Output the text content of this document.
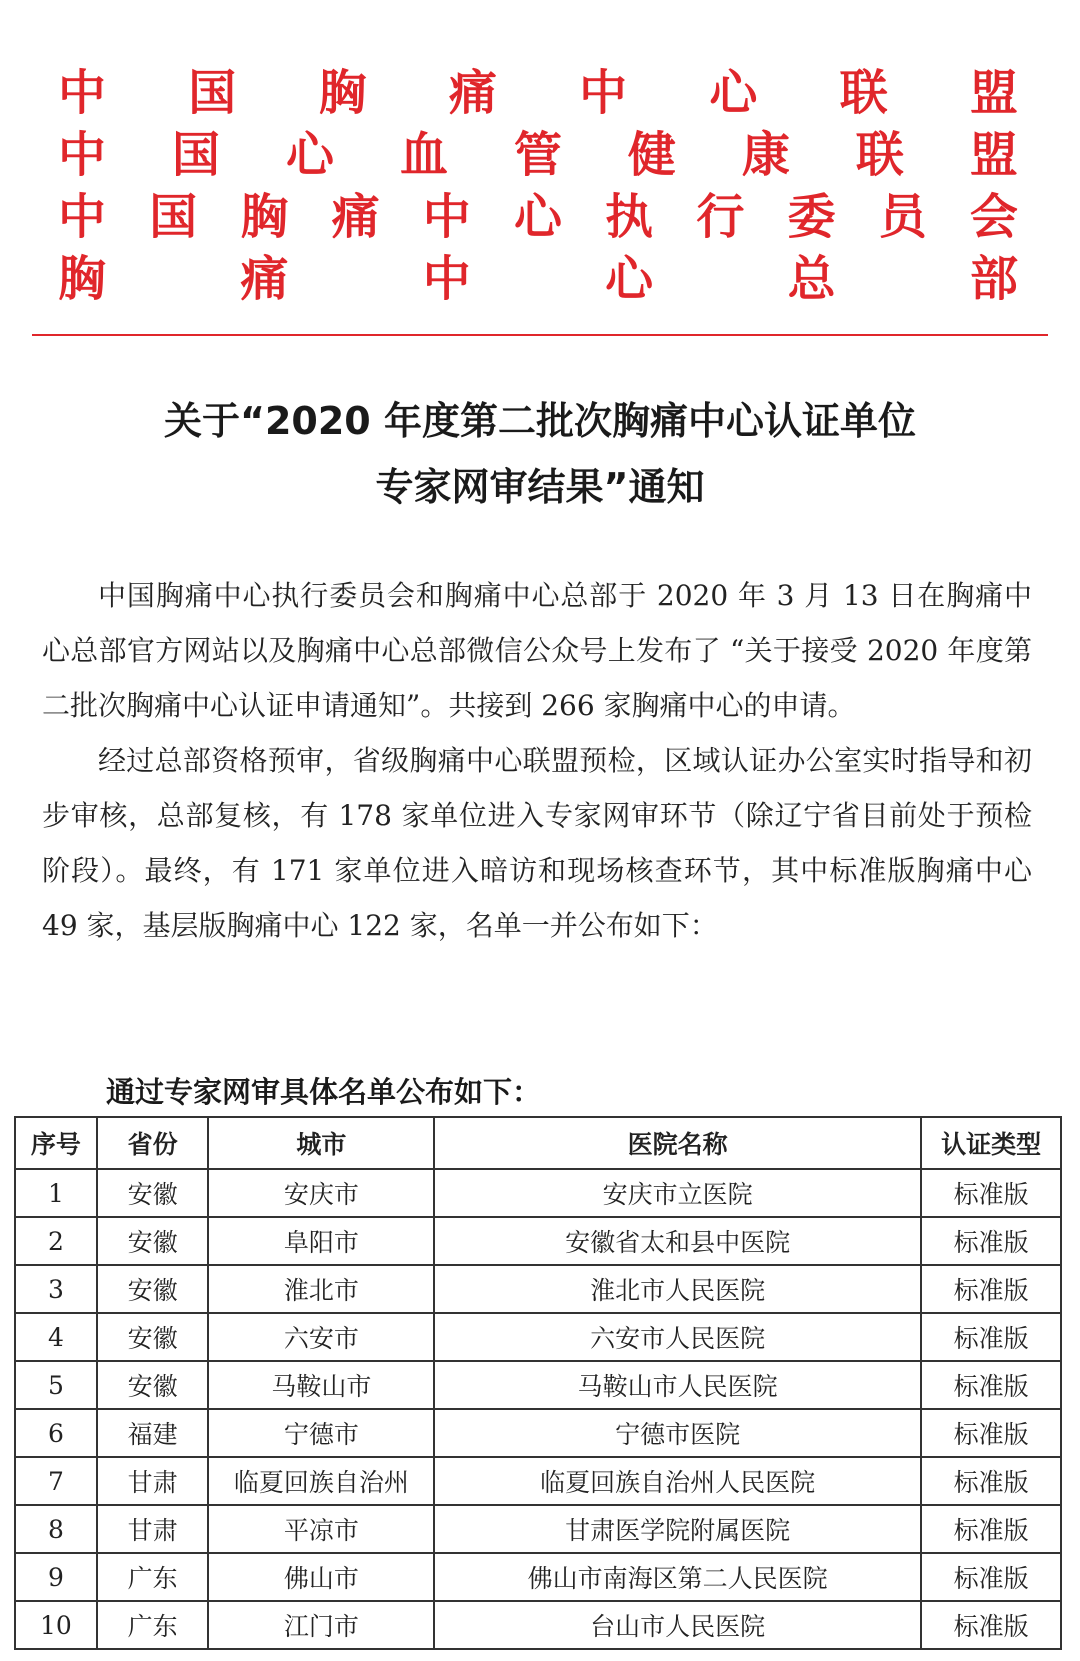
中 国 胸 痛 中 心 联 盟
中 国 心 血 管 健 康 联 盟
中 国 胸 痛 中 心 执 行 委 员 会
胸	痛	中	心	总	部
关于“2020 年度第二批次胸痛中心认证单位
专家网审结果”通知

中国胸痛中心执行委员会和胸痛中心总部于 2020 年 3 月 13 日在胸痛中心总部官方网站以及胸痛中心总部微信公众号上发布了 “关于接受 2020 年度第二批次胸痛中心认证申请通知”。共接到 266 家胸痛中心的申请。

经过总部资格预审，省级胸痛中心联盟预检，区域认证办公室实时指导和初步审核，总部复核，有 178 家单位进入专家网审环节（除辽宁省目前处于预检阶段）。最终，有 171 家单位进入暗访和现场核查环节，其中标准版胸痛中心 49 家，基层版胸痛中心 122 家，名单一并公布如下：

通过专家网审具体名单公布如下：
序号	省份	城市	医院名称	认证类型
1	安徽	安庆市	安庆市立医院	标准版
2	安徽	阜阳市	安徽省太和县中医院	标准版
3	安徽	淮北市	淮北市人民医院	标准版
4	安徽	六安市	六安市人民医院	标准版
5	安徽	马鞍山市	马鞍山市人民医院	标准版
6	福建	宁德市	宁德市医院	标准版
7	甘肃	临夏回族自治州	临夏回族自治州人民医院	标准版
8	甘肃	平凉市	甘肃医学院附属医院	标准版
9	广东	佛山市	佛山市南海区第二人民医院	标准版
10	广东	江门市	台山市人民医院	标准版
